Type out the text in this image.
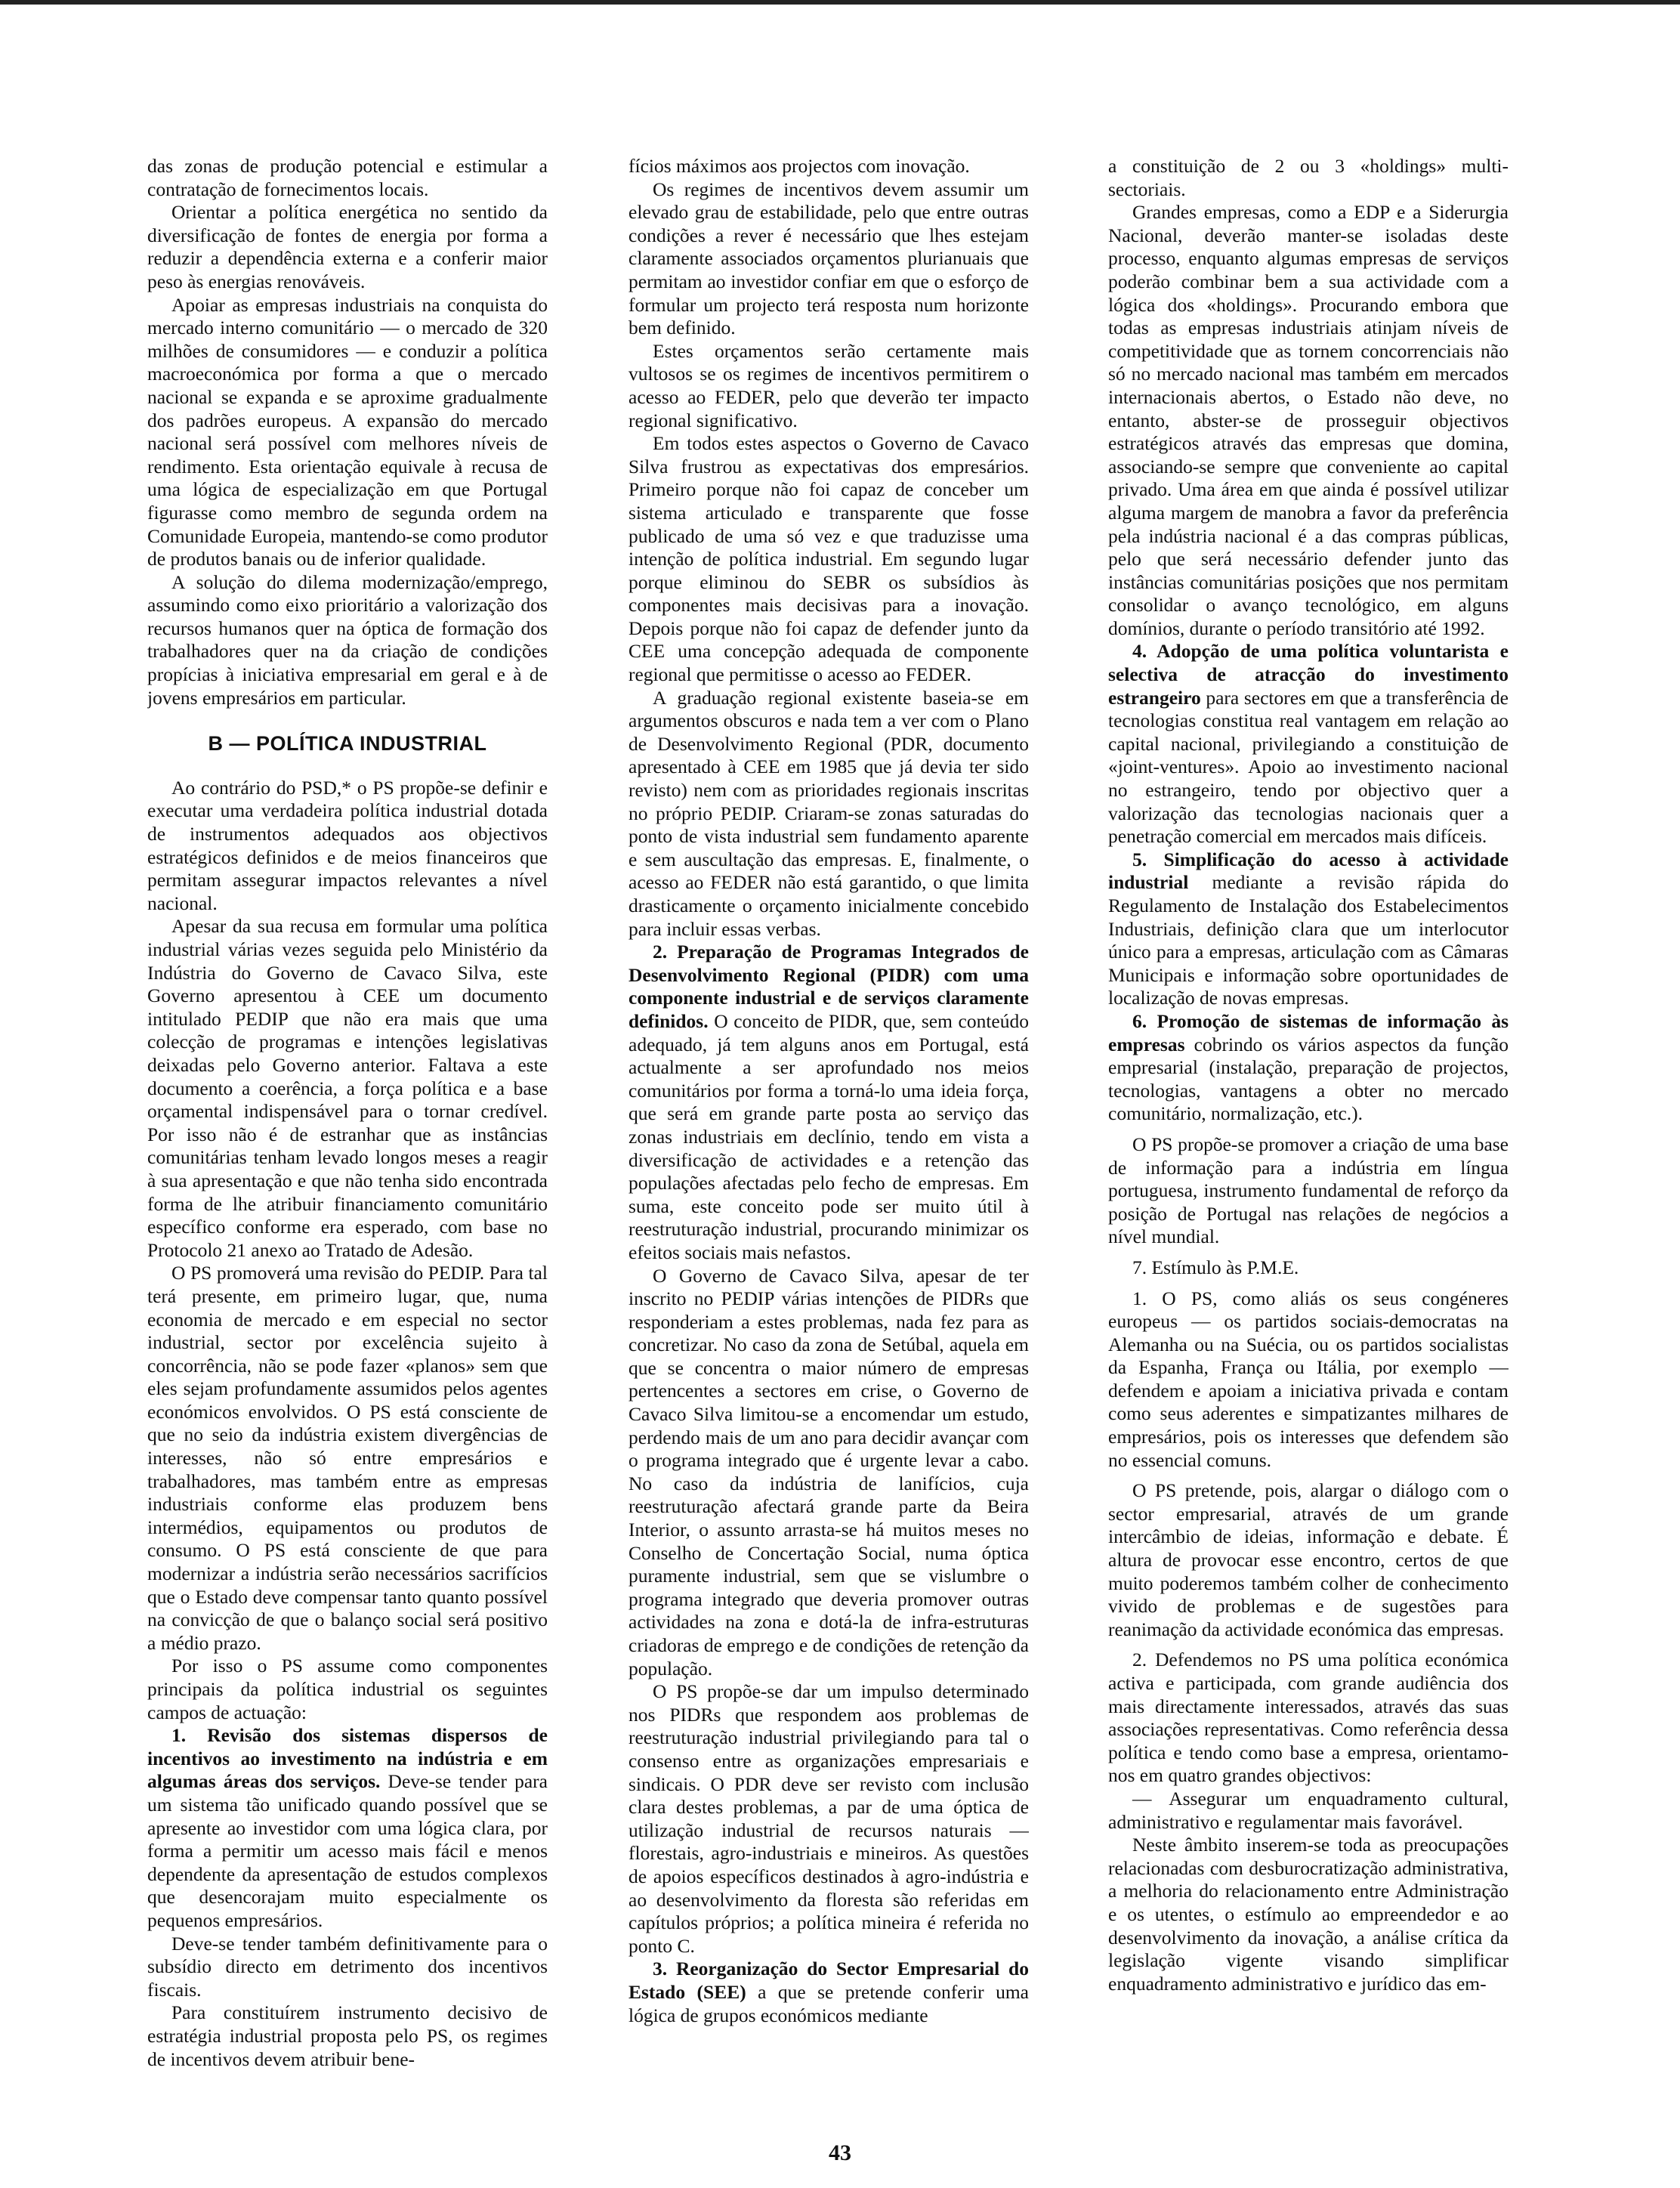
das zonas de produção potencial e estimular a contratação de fornecimentos locais.

Orientar a política energética no sentido da diversificação de fontes de energia por forma a reduzir a dependência externa e a conferir maior peso às energias renováveis.

Apoiar as empresas industriais na conquista do mercado interno comunitário — o mercado de 320 milhões de consumidores — e conduzir a política macroeconómica por forma a que o mercado nacional se expanda e se aproxime gradualmente dos padrões europeus. A expansão do mercado nacional será possível com melhores níveis de rendimento. Esta orientação equivale à recusa de uma lógica de especialização em que Portugal figurasse como membro de segunda ordem na Comunidade Europeia, mantendo-se como produtor de produtos banais ou de inferior qualidade.

A solução do dilema modernização/emprego, assumindo como eixo prioritário a valorização dos recursos humanos quer na óptica de formação dos trabalhadores quer na da criação de condições propícias à iniciativa empresarial em geral e à de jovens empresários em particular.

B — POLÍTICA INDUSTRIAL

Ao contrário do PSD,* o PS propõe-se definir e executar uma verdadeira política industrial dotada de instrumentos adequados aos objectivos estratégicos definidos e de meios financeiros que permitam assegurar impactos relevantes a nível nacional.

Apesar da sua recusa em formular uma política industrial várias vezes seguida pelo Ministério da Indústria do Governo de Cavaco Silva, este Governo apresentou à CEE um documento intitulado PEDIP que não era mais que uma colecção de programas e intenções legislativas deixadas pelo Governo anterior. Faltava a este documento a coerência, a força política e a base orçamental indispensável para o tornar credível. Por isso não é de estranhar que as instâncias comunitárias tenham levado longos meses a reagir à sua apresentação e que não tenha sido encontrada forma de lhe atribuir financiamento comunitário específico conforme era esperado, com base no Protocolo 21 anexo ao Tratado de Adesão.

O PS promoverá uma revisão do PEDIP. Para tal terá presente, em primeiro lugar, que, numa economia de mercado e em especial no sector industrial, sector por excelência sujeito à concorrência, não se pode fazer «planos» sem que eles sejam profundamente assumidos pelos agentes económicos envolvidos. O PS está consciente de que no seio da indústria existem divergências de interesses, não só entre empresários e trabalhadores, mas também entre as empresas industriais conforme elas produzem bens intermédios, equipamentos ou produtos de consumo. O PS está consciente de que para modernizar a indústria serão necessários sacrifícios que o Estado deve compensar tanto quanto possível na convicção de que o balanço social será positivo a médio prazo.

Por isso o PS assume como componentes principais da política industrial os seguintes campos de actuação:

1. Revisão dos sistemas dispersos de incentivos ao investimento na indústria e em algumas áreas dos serviços. Deve-se tender para um sistema tão unificado quando possível que se apresente ao investidor com uma lógica clara, por forma a permitir um acesso mais fácil e menos dependente da apresentação de estudos complexos que desencorajam muito especialmente os pequenos empresários.

Deve-se tender também definitivamente para o subsídio directo em detrimento dos incentivos fiscais.

Para constituírem instrumento decisivo de estratégia industrial proposta pelo PS, os regimes de incentivos devem atribuir bene-

fícios máximos aos projectos com inovação.

Os regimes de incentivos devem assumir um elevado grau de estabilidade, pelo que entre outras condições a rever é necessário que lhes estejam claramente associados orçamentos plurianuais que permitam ao investidor confiar em que o esforço de formular um projecto terá resposta num horizonte bem definido.

Estes orçamentos serão certamente mais vultosos se os regimes de incentivos permitirem o acesso ao FEDER, pelo que deverão ter impacto regional significativo.

Em todos estes aspectos o Governo de Cavaco Silva frustrou as expectativas dos empresários. Primeiro porque não foi capaz de conceber um sistema articulado e transparente que fosse publicado de uma só vez e que traduzisse uma intenção de política industrial. Em segundo lugar porque eliminou do SEBR os subsídios às componentes mais decisivas para a inovação. Depois porque não foi capaz de defender junto da CEE uma concepção adequada de componente regional que permitisse o acesso ao FEDER.

A graduação regional existente baseia-se em argumentos obscuros e nada tem a ver com o Plano de Desenvolvimento Regional (PDR, documento apresentado à CEE em 1985 que já devia ter sido revisto) nem com as prioridades regionais inscritas no próprio PEDIP. Criaram-se zonas saturadas do ponto de vista industrial sem fundamento aparente e sem auscultação das empresas. E, finalmente, o acesso ao FEDER não está garantido, o que limita drasticamente o orçamento inicialmente concebido para incluir essas verbas.

2. Preparação de Programas Integrados de Desenvolvimento Regional (PIDR) com uma componente industrial e de serviços claramente definidos. O conceito de PIDR, que, sem conteúdo adequado, já tem alguns anos em Portugal, está actualmente a ser aprofundado nos meios comunitários por forma a torná-lo uma ideia força, que será em grande parte posta ao serviço das zonas industriais em declínio, tendo em vista a diversificação de actividades e a retenção das populações afectadas pelo fecho de empresas. Em suma, este conceito pode ser muito útil à reestruturação industrial, procurando minimizar os efeitos sociais mais nefastos.

O Governo de Cavaco Silva, apesar de ter inscrito no PEDIP várias intenções de PIDRs que responderiam a estes problemas, nada fez para as concretizar. No caso da zona de Setúbal, aquela em que se concentra o maior número de empresas pertencentes a sectores em crise, o Governo de Cavaco Silva limitou-se a encomendar um estudo, perdendo mais de um ano para decidir avançar com o programa integrado que é urgente levar a cabo. No caso da indústria de lanifícios, cuja reestruturação afectará grande parte da Beira Interior, o assunto arrasta-se há muitos meses no Conselho de Concertação Social, numa óptica puramente industrial, sem que se vislumbre o programa integrado que deveria promover outras actividades na zona e dotá-la de infra-estruturas criadoras de emprego e de condições de retenção da população.

O PS propõe-se dar um impulso determinado nos PIDRs que respondem aos problemas de reestruturação industrial privilegiando para tal o consenso entre as organizações empresariais e sindicais. O PDR deve ser revisto com inclusão clara destes problemas, a par de uma óptica de utilização industrial de recursos naturais — florestais, agro-industriais e mineiros. As questões de apoios específicos destinados à agro-indústria e ao desenvolvimento da floresta são referidas em capítulos próprios; a política mineira é referida no ponto C.

3. Reorganização do Sector Empresarial do Estado (SEE) a que se pretende conferir uma lógica de grupos económicos mediante

a constituição de 2 ou 3 «holdings» multi-sectoriais.

Grandes empresas, como a EDP e a Siderurgia Nacional, deverão manter-se isoladas deste processo, enquanto algumas empresas de serviços poderão combinar bem a sua actividade com a lógica dos «holdings». Procurando embora que todas as empresas industriais atinjam níveis de competitividade que as tornem concorrenciais não só no mercado nacional mas também em mercados internacionais abertos, o Estado não deve, no entanto, abster-se de prosseguir objectivos estratégicos através das empresas que domina, associando-se sempre que conveniente ao capital privado. Uma área em que ainda é possível utilizar alguma margem de manobra a favor da preferência pela indústria nacional é a das compras públicas, pelo que será necessário defender junto das instâncias comunitárias posições que nos permitam consolidar o avanço tecnológico, em alguns domínios, durante o período transitório até 1992.

4. Adopção de uma política voluntarista e selectiva de atracção do investimento estrangeiro para sectores em que a transferência de tecnologias constitua real vantagem em relação ao capital nacional, privilegiando a constituição de «joint-ventures». Apoio ao investimento nacional no estrangeiro, tendo por objectivo quer a valorização das tecnologias nacionais quer a penetração comercial em mercados mais difíceis.

5. Simplificação do acesso à actividade industrial mediante a revisão rápida do Regulamento de Instalação dos Estabelecimentos Industriais, definição clara que um interlocutor único para a empresas, articulação com as Câmaras Municipais e informação sobre oportunidades de localização de novas empresas.

6. Promoção de sistemas de informação às empresas cobrindo os vários aspectos da função empresarial (instalação, preparação de projectos, tecnologias, vantagens a obter no mercado comunitário, normalização, etc.).

O PS propõe-se promover a criação de uma base de informação para a indústria em língua portuguesa, instrumento fundamental de reforço da posição de Portugal nas relações de negócios a nível mundial.

7. Estímulo às P.M.E.

1. O PS, como aliás os seus congéneres europeus — os partidos sociais-democratas na Alemanha ou na Suécia, ou os partidos socialistas da Espanha, França ou Itália, por exemplo — defendem e apoiam a iniciativa privada e contam como seus aderentes e simpatizantes milhares de empresários, pois os interesses que defendem são no essencial comuns.

O PS pretende, pois, alargar o diálogo com o sector empresarial, através de um grande intercâmbio de ideias, informação e debate. É altura de provocar esse encontro, certos de que muito poderemos também colher de conhecimento vivido de problemas e de sugestões para reanimação da actividade económica das empresas.

2. Defendemos no PS uma política económica activa e participada, com grande audiência dos mais directamente interessados, através das suas associações representativas. Como referência dessa política e tendo como base a empresa, orientamo-nos em quatro grandes objectivos:

— Assegurar um enquadramento cultural, administrativo e regulamentar mais favorável.

Neste âmbito inserem-se toda as preocupações relacionadas com desburocratização administrativa, a melhoria do relacionamento entre Administração e os utentes, o estímulo ao empreendedor e ao desenvolvimento da inovação, a análise crítica da legislação vigente visando simplificar enquadramento administrativo e jurídico das em-

43
